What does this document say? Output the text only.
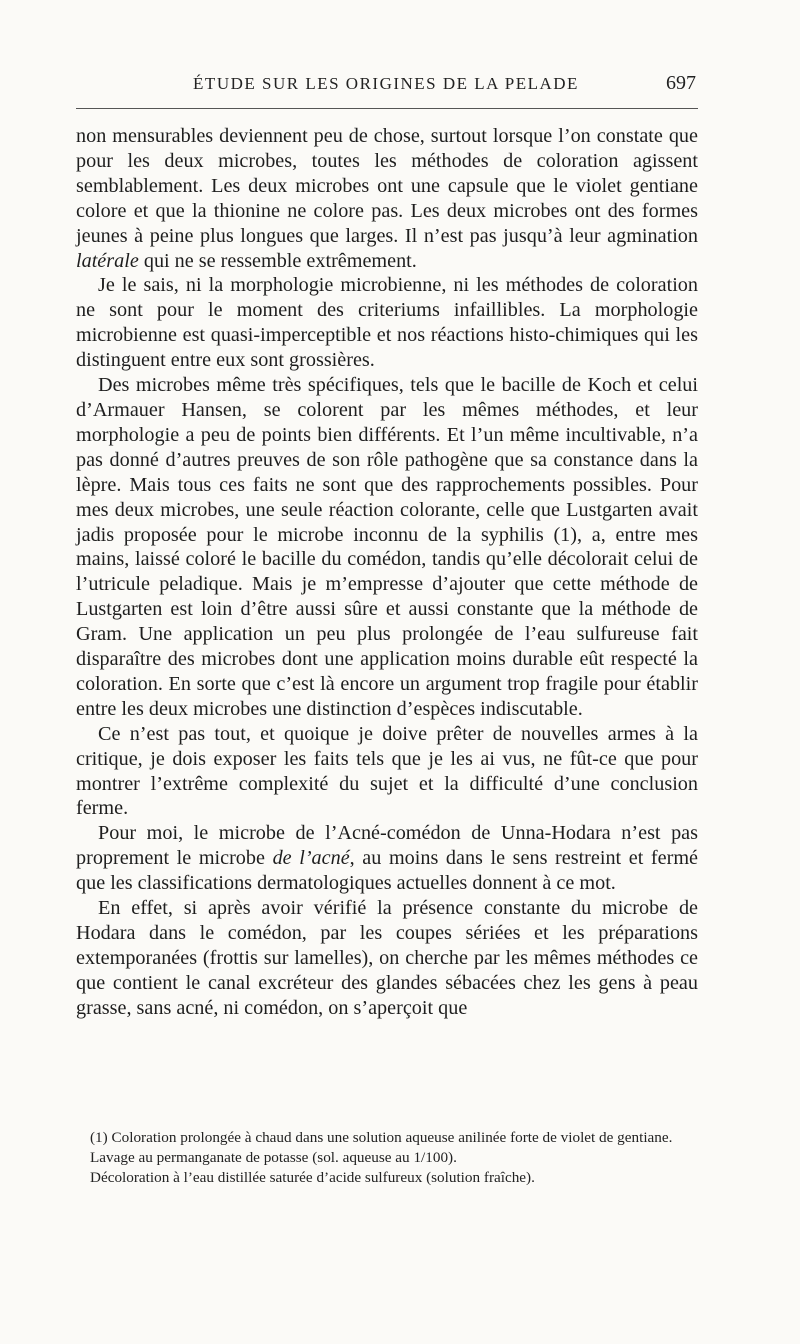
ÉTUDE SUR LES ORIGINES DE LA PELADE	697

non mensurables deviennent peu de chose, surtout lorsque l’on constate que pour les deux microbes, toutes les méthodes de coloration agissent semblablement. Les deux microbes ont une capsule que le violet gentiane colore et que la thionine ne colore pas. Les deux microbes ont des formes jeunes à peine plus longues que larges. Il n’est pas jusqu’à leur agmination latérale qui ne se ressemble extrêmement.

Je le sais, ni la morphologie microbienne, ni les méthodes de coloration ne sont pour le moment des criteriums infaillibles. La morphologie microbienne est quasi-imperceptible et nos réactions histo-chimiques qui les distinguent entre eux sont grossières.

Des microbes même très spécifiques, tels que le bacille de Koch et celui d’Armauer Hansen, se colorent par les mêmes méthodes, et leur morphologie a peu de points bien différents. Et l’un même incultivable, n’a pas donné d’autres preuves de son rôle pathogène que sa constance dans la lèpre. Mais tous ces faits ne sont que des rapprochements possibles. Pour mes deux microbes, une seule réaction colorante, celle que Lustgarten avait jadis proposée pour le microbe inconnu de la syphilis (1), a, entre mes mains, laissé coloré le bacille du comédon, tandis qu’elle décolorait celui de l’utricule peladique. Mais je m’empresse d’ajouter que cette méthode de Lustgarten est loin d’être aussi sûre et aussi constante que la méthode de Gram. Une application un peu plus prolongée de l’eau sulfureuse fait disparaître des microbes dont une application moins durable eût respecté la coloration. En sorte que c’est là encore un argument trop fragile pour établir entre les deux microbes une distinction d’espèces indiscutable.

Ce n’est pas tout, et quoique je doive prêter de nouvelles armes à la critique, je dois exposer les faits tels que je les ai vus, ne fût-ce que pour montrer l’extrême complexité du sujet et la difficulté d’une conclusion ferme.

Pour moi, le microbe de l’Acné-comédon de Unna-Hodara n’est pas proprement le microbe de l’acné, au moins dans le sens restreint et fermé que les classifications dermatologiques actuelles donnent à ce mot.

En effet, si après avoir vérifié la présence constante du microbe de Hodara dans le comédon, par les coupes sériées et les préparations extemporanées (frottis sur lamelles), on cherche par les mêmes méthodes ce que contient le canal excréteur des glandes sébacées chez les gens à peau grasse, sans acné, ni comédon, on s’aperçoit que

(1) Coloration prolongée à chaud dans une solution aqueuse anilinée forte de violet de gentiane.

Lavage au permanganate de potasse (sol. aqueuse au 1/100).

Décoloration à l’eau distillée saturée d’acide sulfureux (solution fraîche).
